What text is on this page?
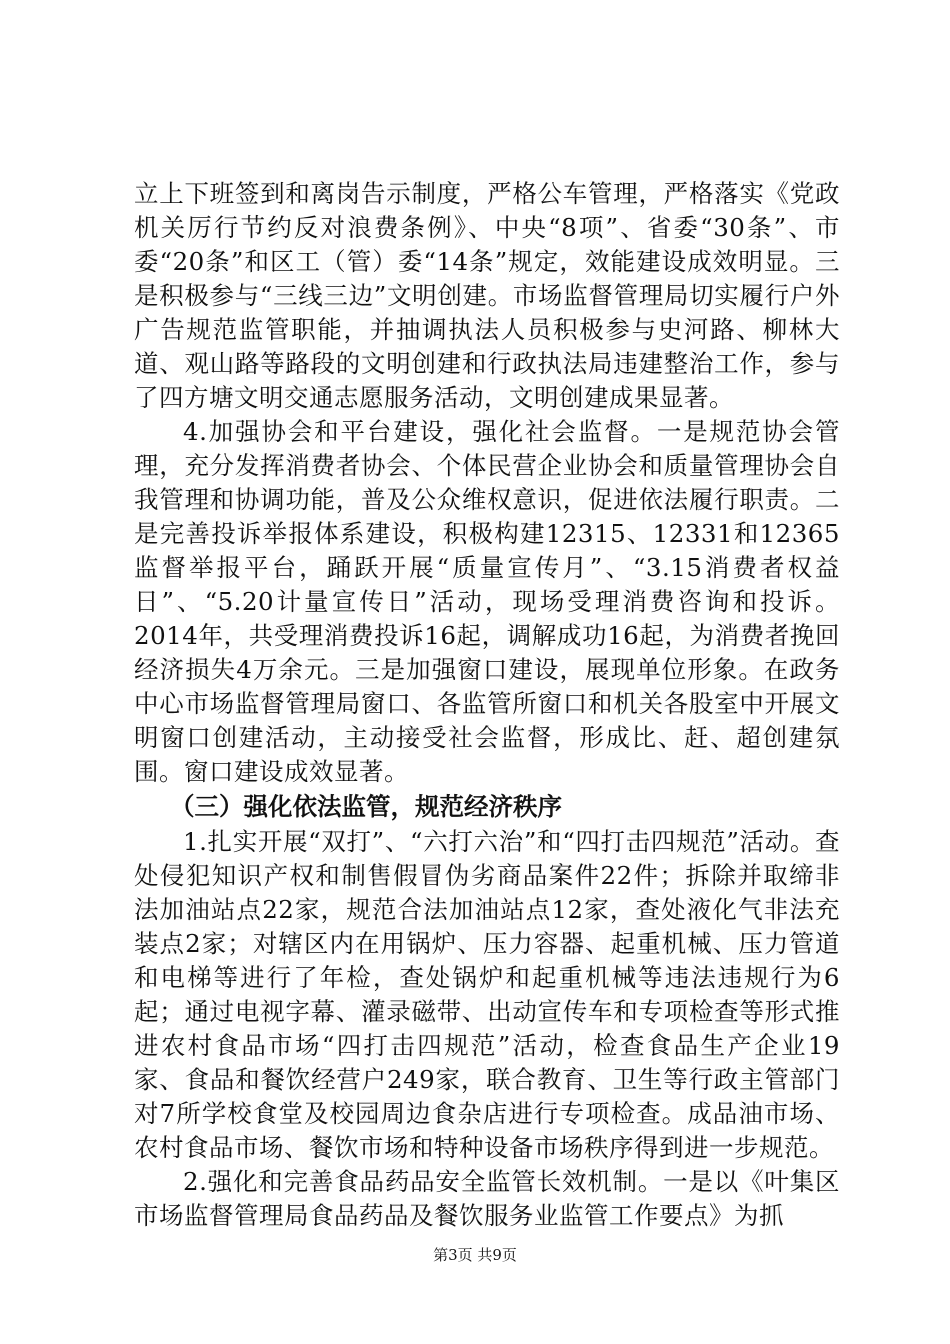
立上下班签到和离岗告示制度，严格公车管理，严格落实《党政机关厉行节约反对浪费条例》、中央“8项”、省委“30条”、市委“20条”和区工（管）委“14条”规定，效能建设成效明显。三是积极参与“三线三边”文明创建。市场监督管理局切实履行户外广告规范监管职能，并抽调执法人员积极参与史河路、柳林大道、观山路等路段的文明创建和行政执法局违建整治工作，参与了四方塘文明交通志愿服务活动，文明创建成果显著。

4.加强协会和平台建设，强化社会监督。一是规范协会管理，充分发挥消费者协会、个体民营企业协会和质量管理协会自我管理和协调功能，普及公众维权意识，促进依法履行职责。二是完善投诉举报体系建设，积极构建12315、12331和12365监督举报平台，踊跃开展“质量宣传月”、“3.15消费者权益日”、“5.20计量宣传日”活动，现场受理消费咨询和投诉。2014年，共受理消费投诉16起，调解成功16起，为消费者挽回经济损失4万余元。三是加强窗口建设，展现单位形象。在政务中心市场监督管理局窗口、各监管所窗口和机关各股室中开展文明窗口创建活动，主动接受社会监督，形成比、赶、超创建氛围。窗口建设成效显著。

（三）强化依法监管，规范经济秩序

1.扎实开展“双打”、“六打六治”和“四打击四规范”活动。查处侵犯知识产权和制售假冒伪劣商品案件22件；拆除并取缔非法加油站点22家，规范合法加油站点12家，查处液化气非法充装点2家；对辖区内在用锅炉、压力容器、起重机械、压力管道和电梯等进行了年检，查处锅炉和起重机械等违法违规行为6起；通过电视字幕、灌录磁带、出动宣传车和专项检查等形式推进农村食品市场“四打击四规范”活动，检查食品生产企业19家、食品和餐饮经营户249家，联合教育、卫生等行政主管部门对7所学校食堂及校园周边食杂店进行专项检查。成品油市场、农村食品市场、餐饮市场和特种设备市场秩序得到进一步规范。

2.强化和完善食品药品安全监管长效机制。一是以《叶集区市场监督管理局食品药品及餐饮服务业监管工作要点》为抓

第3页 共9页
